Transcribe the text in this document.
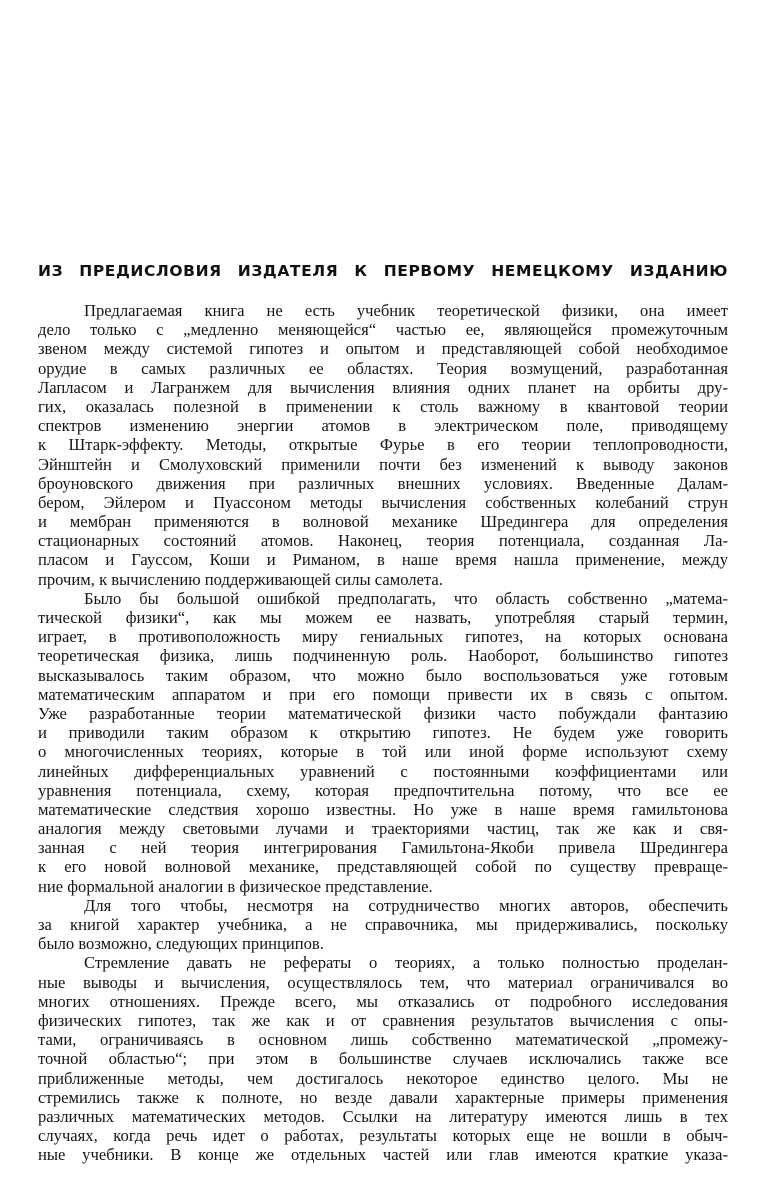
ИЗ ПРЕДИСЛОВИЯ ИЗДАТЕЛЯ К ПЕРВОМУ НЕМЕЦКОМУ ИЗДАНИЮ
Предлагаемая книга не есть учебник теоретической физики, она имеет
дело только с „медленно меняющейся“ частью ее, являющейся промежуточным
звеном между системой гипотез и опытом и представляющей собой необходимое
орудие в самых различных ее областях. Теория возмущений, разработанная
Лапласом и Лагранжем для вычисления влияния одних планет на орбиты дру-
гих, оказалась полезной в применении к столь важному в квантовой теории
спектров изменению энергии атомов в электрическом поле, приводящему
к Штарк-эффекту. Методы, открытые Фурье в его теории теплопроводности,
Эйнштейн и Смолуховский применили почти без изменений к выводу законов
броуновского движения при различных внешних условиях. Введенные Далам-
бером, Эйлером и Пуассоном методы вычисления собственных колебаний струн
и мембран применяются в волновой механике Шредингера для определения
стационарных состояний атомов. Наконец, теория потенциала, созданная Ла-
пласом и Гауссом, Коши и Риманом, в наше время нашла применение, между
прочим, к вычислению поддерживающей силы самолета.
Было бы большой ошибкой предполагать, что область собственно „матема-
тической физики“, как мы можем ее назвать, употребляя старый термин,
играет, в противоположность миру гениальных гипотез, на которых основана
теоретическая физика, лишь подчиненную роль. Наоборот, большинство гипотез
высказывалось таким образом, что можно было воспользоваться уже готовым
математическим аппаратом и при его помощи привести их в связь с опытом.
Уже разработанные теории математической физики часто побуждали фантазию
и приводили таким образом к открытию гипотез. Не будем уже говорить
о многочисленных теориях, которые в той или иной форме используют схему
линейных дифференциальных уравнений с постоянными коэффициентами или
уравнения потенциала, схему, которая предпочтительна потому, что все ее
математические следствия хорошо известны. Но уже в наше время гамильтонова
аналогия между световыми лучами и траекториями частиц, так же как и свя-
занная с ней теория интегрирования Гамильтона-Якоби привела Шредингера
к его новой волновой механике, представляющей собой по существу превраще-
ние формальной аналогии в физическое представление.
Для того чтобы, несмотря на сотрудничество многих авторов, обеспечить
за книгой характер учебника, а не справочника, мы придерживались, поскольку
было возможно, следующих принципов.
Стремление давать не рефераты о теориях, а только полностью проделан-
ные выводы и вычисления, осуществлялось тем, что материал ограничивался во
многих отношениях. Прежде всего, мы отказались от подробного исследования
физических гипотез, так же как и от сравнения результатов вычисления с опы-
тами, ограничиваясь в основном лишь собственно математической „промежу-
точной областью“; при этом в большинстве случаев исключались также все
приближенные методы, чем достигалось некоторое единство целого. Мы не
стремились также к полноте, но везде давали характерные примеры применения
различных математических методов. Ссылки на литературу имеются лишь в тех
случаях, когда речь идет о работах, результаты которых еще не вошли в обыч-
ные учебники. В конце же отдельных частей или глав имеются краткие указа-
